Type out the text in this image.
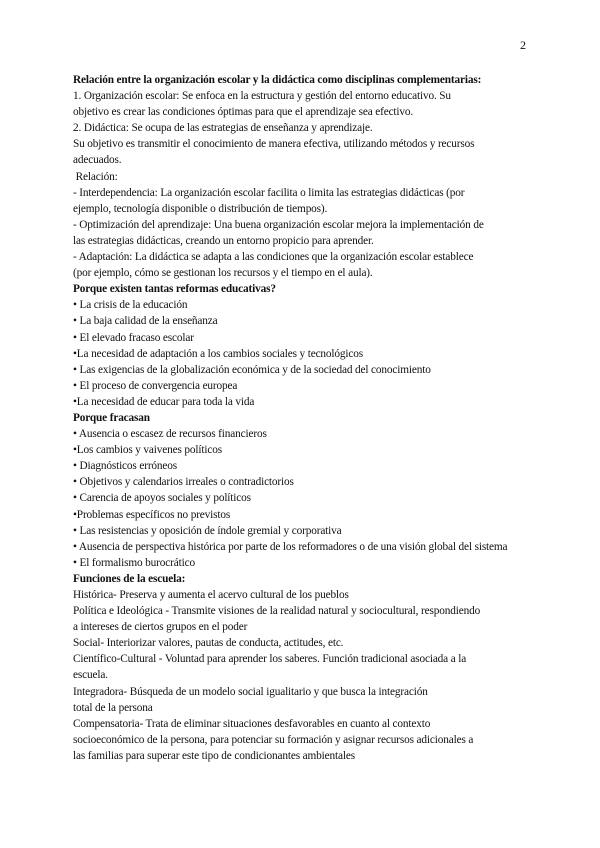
2
Relación entre la organización escolar y la didáctica como disciplinas complementarias:
1. Organización escolar: Se enfoca en la estructura y gestión del entorno educativo. Su
objetivo es crear las condiciones óptimas para que el aprendizaje sea efectivo.
2. Didáctica: Se ocupa de las estrategias de enseñanza y aprendizaje.
Su objetivo es transmitir el conocimiento de manera efectiva, utilizando métodos y recursos
adecuados.
Relación:
- Interdependencia: La organización escolar facilita o limita las estrategias didácticas (por
ejemplo, tecnología disponible o distribución de tiempos).
- Optimización del aprendizaje: Una buena organización escolar mejora la implementación de
las estrategias didácticas, creando un entorno propicio para aprender.
- Adaptación: La didáctica se adapta a las condiciones que la organización escolar establece
(por ejemplo, cómo se gestionan los recursos y el tiempo en el aula).
Porque existen tantas reformas educativas?
• La crisis de la educación
• La baja calidad de la enseñanza
• El elevado fracaso escolar
•La necesidad de adaptación a los cambios sociales y tecnológicos
• Las exigencias de la globalización económica y de la sociedad del conocimiento
• El proceso de convergencia europea
•La necesidad de educar para toda la vida
Porque fracasan
• Ausencia o escasez de recursos financieros
•Los cambios y vaivenes políticos
• Diagnósticos erróneos
• Objetivos y calendarios irreales o contradictorios
• Carencia de apoyos sociales y políticos
•Problemas específicos no previstos
• Las resistencias y oposición de índole gremial y corporativa
• Ausencia de perspectiva histórica por parte de los reformadores o de una visión global del sistema
• El formalismo burocrático
Funciones de la escuela:
Histórica- Preserva y aumenta el acervo cultural de los pueblos
Política e Ideológica - Transmite visiones de la realidad natural y sociocultural, respondiendo
a intereses de ciertos grupos en el poder
Social- Interiorizar valores, pautas de conducta, actitudes, etc.
Científico-Cultural - Voluntad para aprender los saberes. Función tradicional asociada a la
escuela.
Integradora- Búsqueda de un modelo social igualitario y que busca la integración
total de la persona
Compensatoria- Trata de eliminar situaciones desfavorables en cuanto al contexto
socioeconómico de la persona, para potenciar su formación y asignar recursos adicionales a
las familias para superar este tipo de condicionantes ambientales
